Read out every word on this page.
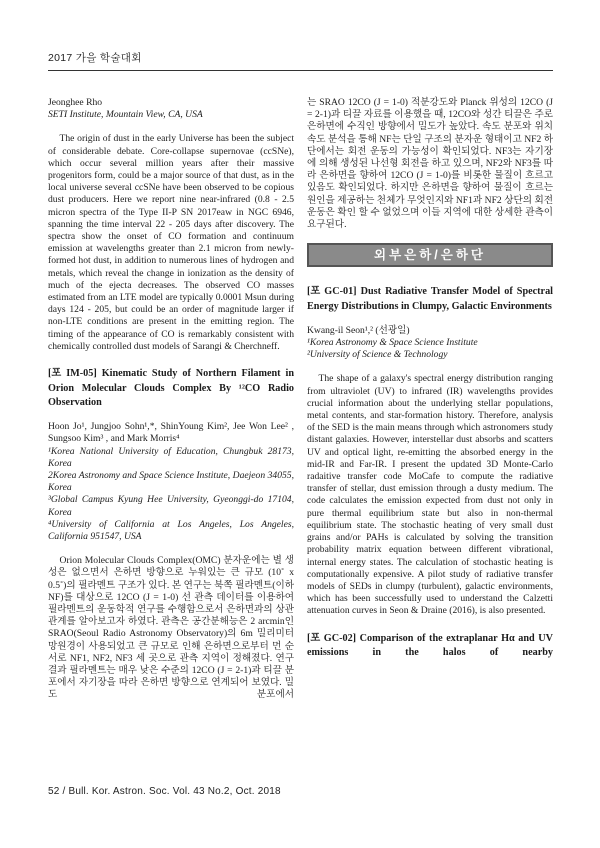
2017 가을 학술대회
Jeonghee Rho
SETI Institute, Mountain View, CA, USA
The origin of dust in the early Universe has been the subject of considerable debate. Core-collapse supernovae (ccSNe), which occur several million years after their massive progenitors form, could be a major source of that dust, as in the local universe several ccSNe have been observed to be copious dust producers. Here we report nine near-infrared (0.8 - 2.5 micron spectra of the Type II-P SN 2017eaw in NGC 6946, spanning the time interval 22 - 205 days after discovery. The spectra show the onset of CO formation and continuum emission at wavelengths greater than 2.1 micron from newly-formed hot dust, in addition to numerous lines of hydrogen and metals, which reveal the change in ionization as the density of much of the ejecta decreases. The observed CO masses estimated from an LTE model are typically 0.0001 Msun during days 124 - 205, but could be an order of magnitude larger if non-LTE conditions are present in the emitting region. The timing of the appearance of CO is remarkably consistent with chemically controlled dust models of Sarangi & Cherchneff.
[포 IM-05] Kinematic Study of Northern Filament in Orion Molecular Clouds Complex By ¹²CO Radio Observation
Hoon Jo¹, Jungjoo Sohn¹,*, ShinYoung Kim², Jee Won Lee² , Sungsoo Kim³ , and Mark Morris⁴
¹Korea National University of Education, Chungbuk 28173, Korea
2Korea Astronomy and Space Science Institute, Daejeon 34055, Korea
³Global Campus Kyung Hee University, Gyeonggi-do 17104, Korea
⁴University of California at Los Angeles, Los Angeles, California 951547, USA
Orion Molecular Clouds Complex(OMC) 분자운에는 별 생성은 없으면서 은하면 방향으로 누워있는 큰 규모 (10˚ x 0.5˚)의 필라멘트 구조가 있다. 본 연구는 북쪽 필라멘트(이하 NF)를 대상으로 12CO (J = 1-0) 선 관측 데이터를 이용하여 필라멘트의 운동학적 연구를 수행함으로서 은하면과의 상관관계를 알아보고자 하였다. 관측은 공간분해능은 2 arcmin인 SRAO(Seoul Radio Astronomy Observatory)의 6m 밀리미터 망원경이 사용되었고 큰 규모로 인해 은하면으로부터 먼 순서로 NF1, NF2, NF3 세 곳으로 관측 지역이 정해졌다. 연구결과 필라멘트는 매우 낮은 수준의 12CO (J = 2-1)과 티끌 분포에서 자기장을 따라 은하면 방향으로 연계되어 보였다. 밀도 분포에서
는 SRAO 12CO (J = 1-0) 적분강도와 Planck 위성의 12CO (J = 2-1)과 티끌 자료를 이용했을 때, 12CO와 성간 티끌은 주로 은하면에 수직인 방향에서 밀도가 높았다. 속도 분포와 위치 속도 분석을 통해 NF는 단일 구조의 분자운 형태이고 NF2 하단에서는 회전 운동의 가능성이 확인되었다. NF3는 자기장에 의해 생성된 나선형 회전을 하고 있으며, NF2와 NF3를 따라 은하면을 향하여 12CO (J = 1-0)를 비롯한 물질이 흐르고 있음도 확인되었다. 하지만 은하면을 향하여 물질이 흐르는 원인을 제공하는 천체가 무엇인지와 NF1과 NF2 상단의 회전 운동은 확인 할 수 없었으며 이들 지역에 대한 상세한 관측이 요구된다.
외부은하/은하단
[포 GC-01] Dust Radiative Transfer Model of Spectral Energy Distributions in Clumpy, Galactic Environments
Kwang-il Seon¹,² (선광일)
¹Korea Astronomy & Space Science Institute
²University of Science & Technology
The shape of a galaxy's spectral energy distribution ranging from ultraviolet (UV) to infrared (IR) wavelengths provides crucial information about the underlying stellar populations, metal contents, and star-formation history. Therefore, analysis of the SED is the main means through which astronomers study distant galaxies. However, interstellar dust absorbs and scatters UV and optical light, re-emitting the absorbed energy in the mid-IR and Far-IR. I present the updated 3D Monte-Carlo radaitive transfer code MoCafe to compute the radiative transfer of stellar, dust emission through a dusty medium. The code calculates the emission expected from dust not only in pure thermal equilibrium state but also in non-thermal equilibrium state. The stochastic heating of very small dust grains and/or PAHs is calculated by solving the transition probability matrix equation between different vibrational, internal energy states. The calculation of stochastic heating is computationally expensive. A pilot study of radiative transfer models of SEDs in clumpy (turbulent), galactic environments, which has been successfully used to understand the Calzetti attenuation curves in Seon & Draine (2016), is also presented.
[포 GC-02] Comparison of the extraplanar Hα and UV emissions in the halos of nearby
52 / Bull. Kor. Astron. Soc. Vol. 43 No.2, Oct. 2018
